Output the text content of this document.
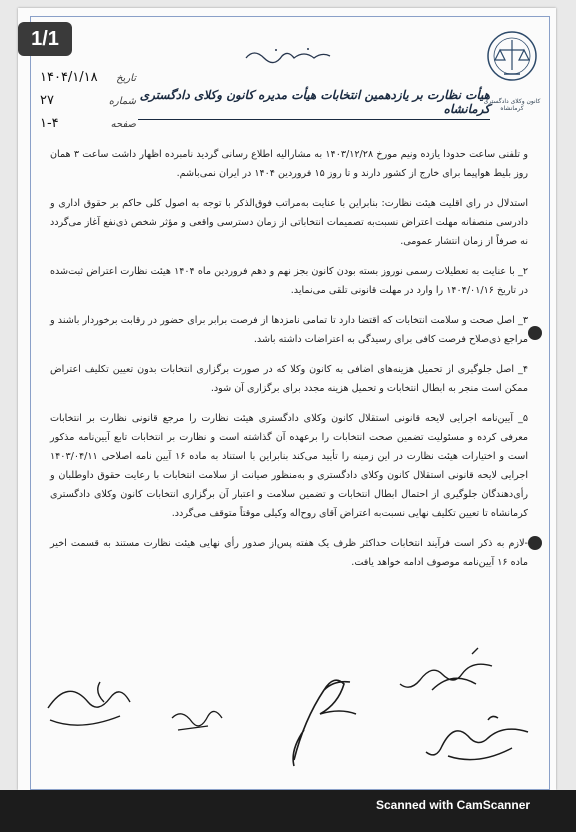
کانون وکلای دادگستری کرمانشاه
تاریخ
۱۴۰۴/۱/۱۸
شماره
۲۷
صفحه
۱-۴
هیأت نظارت بر یازدهمین انتخابات هیأت مدیره کانون وکلای دادگستری کرمانشاه

و تلفنی ساعت حدودا یازده ونیم مورخ ۱۴۰۳/۱۲/۲۸ به مشارالیه اطلاع رسانی گردید نامبرده اظهار داشت ساعت ۳ همان روز بلیط هواپیما برای خارج از کشور دارند و تا روز ۱۵ فروردین ۱۴۰۴ در ایران نمی‌باشم.

استدلال در رای اقلیت هیئت نظارت: بنابراین با عنایت به‌مراتب فوق‌الذکر با توجه به اصول کلی حاکم بر حقوق اداری و دادرسی منصفانه مهلت اعتراض نسبت‌به تصمیمات انتخاباتی از زمان دسترسی واقعی و مؤثر شخص ذی‌نفع آغاز می‌گردد نه صرفاً از زمان انتشار عمومی.

۲_ با عنایت به تعطیلات رسمی نوروز بسته بودن کانون بجز نهم و دهم فروردین ماه ۱۴۰۴ هیئت نظارت اعتراض ثبت‌شده در تاریخ ۱۴۰۴/۰۱/۱۶ را وارد در مهلت قانونی تلقی می‌نماید.

۳_ اصل صحت و سلامت انتخابات که اقتضا دارد تا تمامی نامزدها از فرصت برابر برای حضور در رقابت برخوردار باشند و مراجع ذی‌صلاح فرصت کافی برای رسیدگی به اعتراضات داشته باشد.

۴_ اصل جلوگیری از تحمیل هزینه‌های اضافی به کانون وکلا که در صورت برگزاری انتخابات بدون تعیین تکلیف اعتراض ممکن است منجر به ابطال انتخابات و تحمیل هزینه مجدد برای برگزاری آن شود.

۵_ آیین‌نامه اجرایی لایحه قانونی استقلال کانون وکلای دادگستری هیئت نظارت را مرجع قانونی نظارت بر انتخابات معرفی کرده و مسئولیت تضمین صحت انتخابات را برعهده آن گذاشته است و نظارت بر انتخابات تابع آیین‌نامه مذکور است و اختیارات هیئت نظارت در این زمینه را تأیید می‌کند بنابراین با استناد به ماده ۱۶ آیین نامه اصلاحی ۱۴۰۳/۰۴/۱۱ اجرایی لایحه قانونی استقلال کانون وکلای دادگستری و به‌منظور صیانت از سلامت انتخابات با رعایت حقوق داوطلبان و رأی‌دهندگان جلوگیری از احتمال ابطال انتخابات و تضمین سلامت و اعتبار آن برگزاری انتخابات کانون وکلای دادگستری کرمانشاه تا تعیین تکلیف نهایی نسبت‌به اعتراض آقای روح‌اله وکیلی موقتاً متوقف می‌گردد.

-لازم به ذکر است فرآیند انتخابات حداکثر ظرف یک هفته پس‌از صدور رأی نهایی هیئت نظارت مستند به قسمت اخیر ماده ۱۶ آیین‌نامه موصوف ادامه خواهد یافت.

1/1
Scanned with CamScanner
